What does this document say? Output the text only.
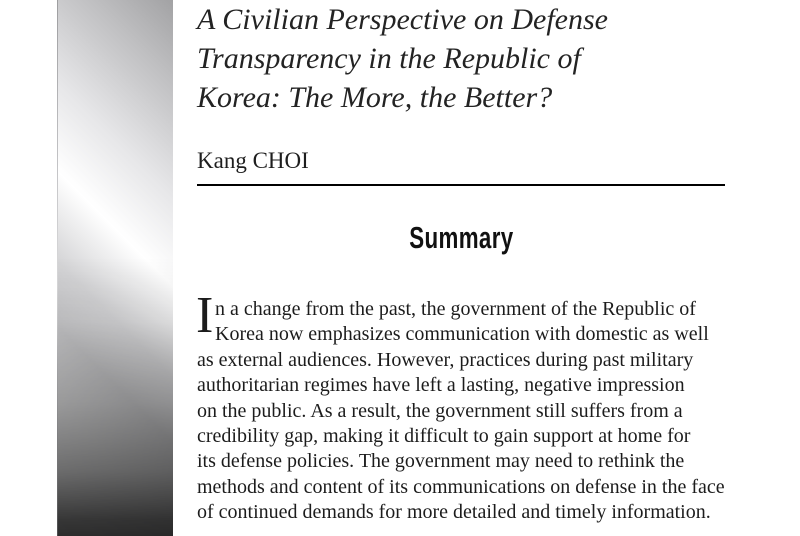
A Civilian Perspective on Defense
Transparency in the Republic of
Korea: The More, the Better?
Kang CHOI
Summary
I n a change from the past, the government of the Republic of
Korea now emphasizes communication with domestic as well
as external audiences. However, practices during past military
authoritarian regimes have left a lasting, negative impression
on the public. As a result, the government still suffers from a
credibility gap, making it difficult to gain support at home for
its defense policies. The government may need to rethink the
methods and content of its communications on defense in the face
of continued demands for more detailed and timely information.
